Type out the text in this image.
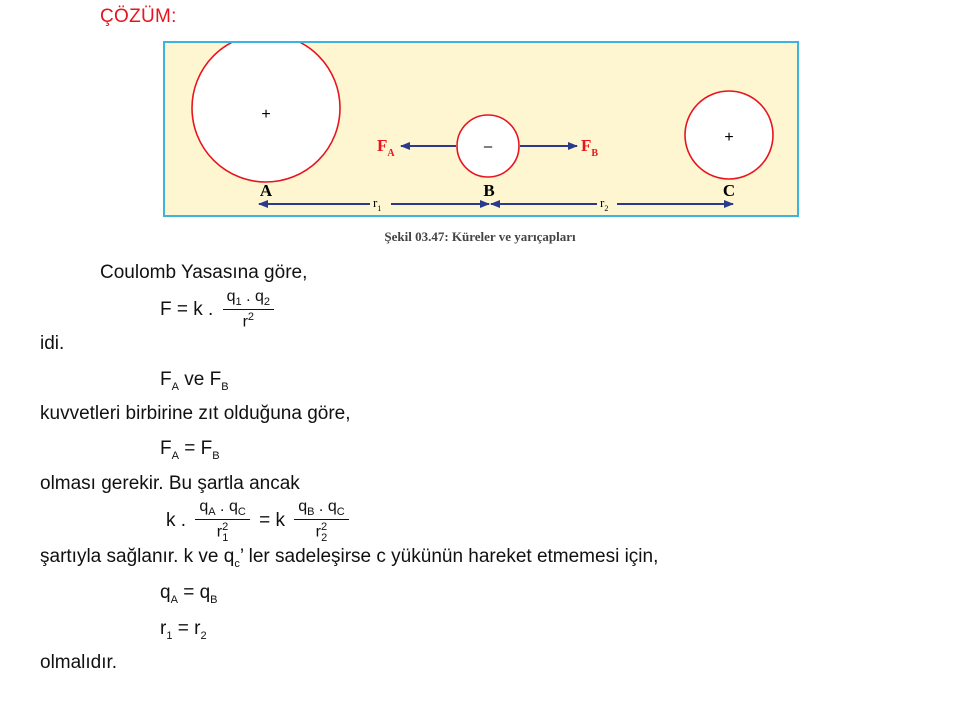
ÇÖZÜM:
+
–
+
$F_A$	$F_B$
A	B	C
$r_1$	$r_2$
Şekil 03.47: Küreler ve yarıçapları
Coulomb Yasasına göre,
F = k . $\frac{q_1 . q_2}{r^2}$
idi.
$F_A$ ve $F_B$
kuvvetleri birbirine zıt olduğuna göre,
$F_A = F_B$
olması gerekir. Bu şartla ancak
k . $\frac{q_A . q_C}{r^2_1} = k \frac{q_B . q_C}{r^2_2}$
şartıyla sağlanır. k ve $q_c$’ ler sadeleşirse c yükünün hareket etmemesi için,
$q_A = q_B$
$r_1 = r_2$
olmalıdır.
